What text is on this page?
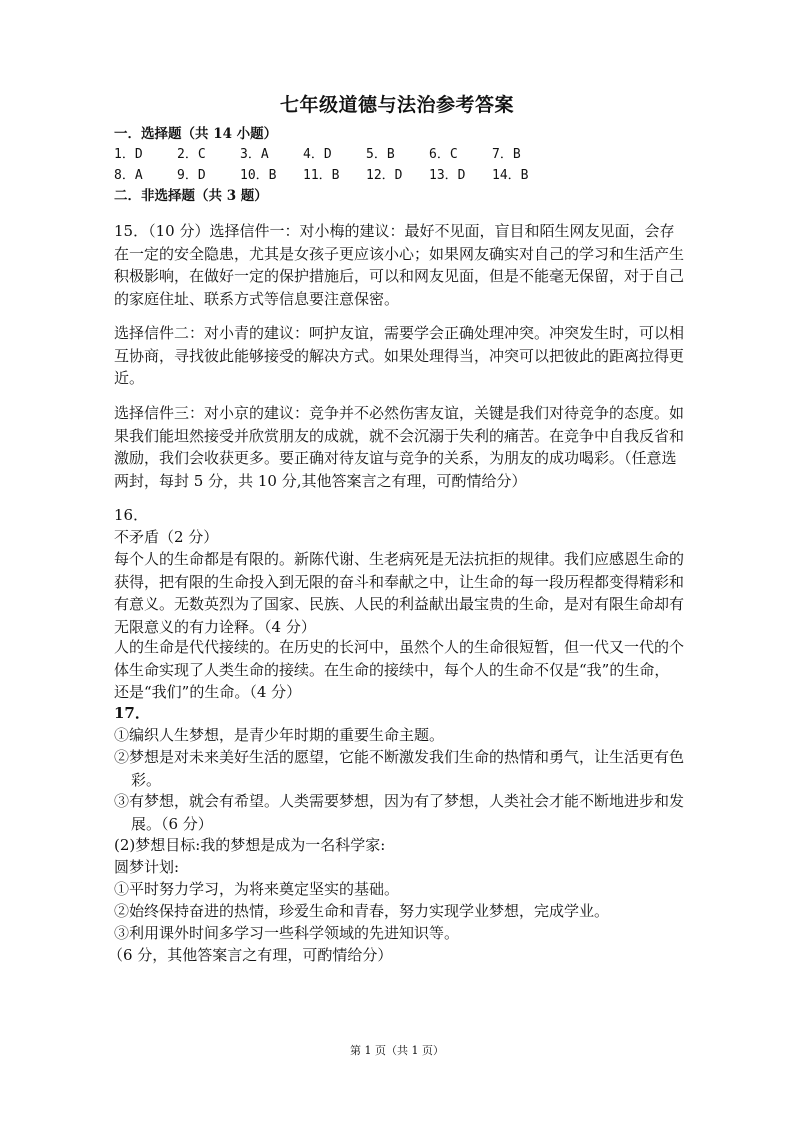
七年级道德与法治参考答案
一．选择题（共 14 小题）
1．D	2．C	3．A	4．D	5．B	6．C	7．B
8．A	9．D	10．B	11．B	12．D	13．D	14．B
二．非选择题（共 3 题）

15．（10 分）选择信件一：对小梅的建议：最好不见面，盲目和陌生网友见面，会存在一定的安全隐患，尤其是女孩子更应该小心；如果网友确实对自己的学习和生活产生积极影响，在做好一定的保护措施后，可以和网友见面，但是不能毫无保留，对于自己的家庭住址、联系方式等信息要注意保密。

选择信件二：对小青的建议：呵护友谊，需要学会正确处理冲突。冲突发生时，可以相互协商，寻找彼此能够接受的解决方式。如果处理得当，冲突可以把彼此的距离拉得更近。

选择信件三：对小京的建议：竞争并不必然伤害友谊，关键是我们对待竞争的态度。如果我们能坦然接受并欣赏朋友的成就，就不会沉溺于失利的痛苦。在竞争中自我反省和激励，我们会收获更多。要正确对待友谊与竞争的关系，为朋友的成功喝彩。（任意选两封，每封 5 分，共 10 分,其他答案言之有理，可酌情给分）

16．
不矛盾（2 分）

每个人的生命都是有限的。新陈代谢、生老病死是无法抗拒的规律。我们应感恩生命的获得，把有限的生命投入到无限的奋斗和奉献之中，让生命的每一段历程都变得精彩和有意义。无数英烈为了国家、民族、人民的利益献出最宝贵的生命，是对有限生命却有无限意义的有力诠释。（4 分）

人的生命是代代接续的。在历史的长河中，虽然个人的生命很短暂，但一代又一代的个体生命实现了人类生命的接续。在生命的接续中，每个人的生命不仅是“我”的生命，还是“我们”的生命。（4 分）

17．
①编织人生梦想，是青少年时期的重要生命主题。
②梦想是对未来美好生活的愿望，它能不断激发我们生命的热情和勇气，让生活更有色彩。
③有梦想，就会有希望。人类需要梦想，因为有了梦想，人类社会才能不断地进步和发展。（6 分）
(2)梦想目标:我的梦想是成为一名科学家:
圆梦计划:
①平时努力学习，为将来奠定坚实的基础。
②始终保持奋进的热情，珍爱生命和青春，努力实现学业梦想，完成学业。
③利用课外时间多学习一些科学领域的先进知识等。
（6 分，其他答案言之有理，可酌情给分）
第 1 页（共 1 页）
